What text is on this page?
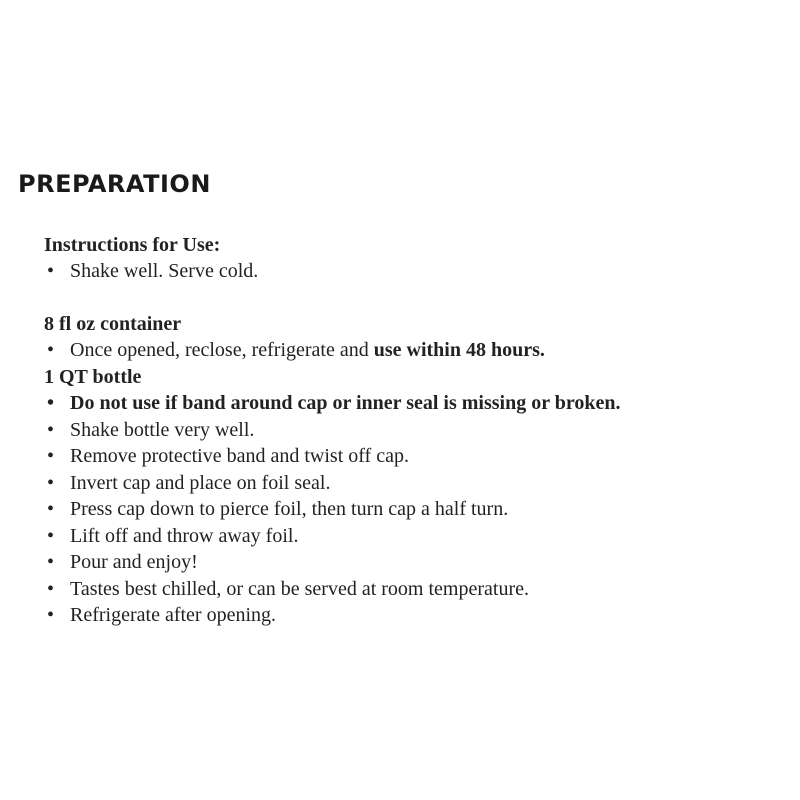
PREPARATION

Instructions for Use:

• Shake well. Serve cold.

8 fl oz container

• Once opened, reclose, refrigerate and use within 48 hours.

1 QT bottle

• Do not use if band around cap or inner seal is missing or broken.
• Shake bottle very well.
• Remove protective band and twist off cap.
• Invert cap and place on foil seal.
• Press cap down to pierce foil, then turn cap a half turn.
• Lift off and throw away foil.
• Pour and enjoy!
• Tastes best chilled, or can be served at room temperature.
• Refrigerate after opening.
